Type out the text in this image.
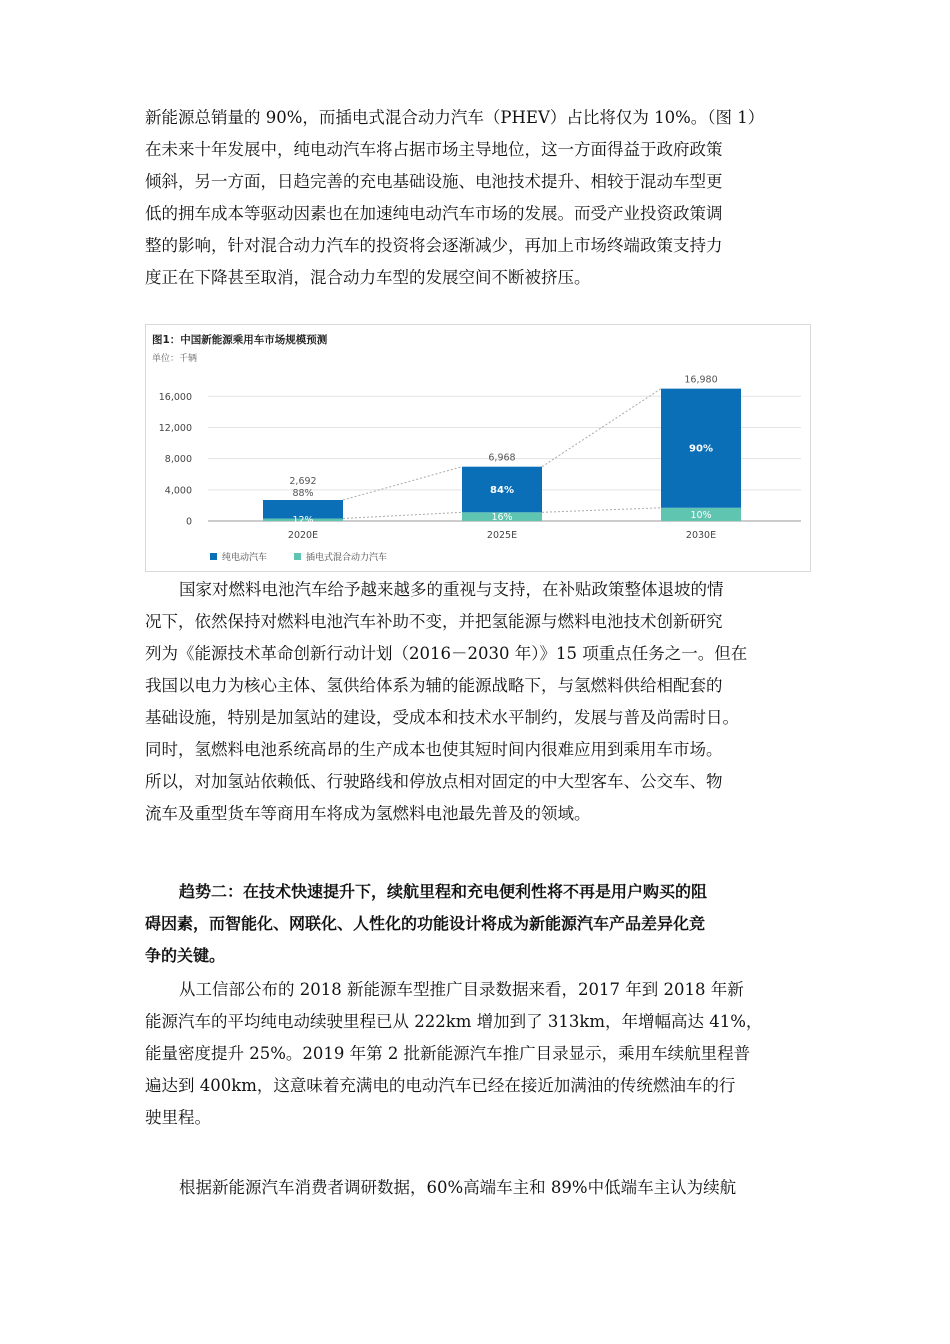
新能源总销量的 90%，而插电式混合动力汽车（PHEV）占比将仅为 10%。（图 1）
在未来十年发展中，纯电动汽车将占据市场主导地位，这一方面得益于政府政策
倾斜，另一方面，日趋完善的充电基础设施、电池技术提升、相较于混动车型更
低的拥车成本等驱动因素也在加速纯电动汽车市场的发展。而受产业投资政策调
整的影响，针对混合动力汽车的投资将会逐渐减少，再加上市场终端政策支持力
度正在下降甚至取消，混合动力车型的发展空间不断被挤压。
图1：中国新能源乘用车市场规模预测
单位：千辆
0
4,000
8,000
12,000
16,000
2020E
2,692
12%
88%
2025E
6,968
16%
84%
2030E
16,980
10%
90%
纯电动汽车	插电式混合动力汽车
国家对燃料电池汽车给予越来越多的重视与支持，在补贴政策整体退坡的情
况下，依然保持对燃料电池汽车补助不变，并把氢能源与燃料电池技术创新研究
列为《能源技术革命创新行动计划（2016－2030 年）》15 项重点任务之一。但在
我国以电力为核心主体、氢供给体系为辅的能源战略下，与氢燃料供给相配套的
基础设施，特别是加氢站的建设，受成本和技术水平制约，发展与普及尚需时日。
同时，氢燃料电池系统高昂的生产成本也使其短时间内很难应用到乘用车市场。
所以，对加氢站依赖低、行驶路线和停放点相对固定的中大型客车、公交车、物
流车及重型货车等商用车将成为氢燃料电池最先普及的领域。
趋势二：在技术快速提升下，续航里程和充电便利性将不再是用户购买的阻
碍因素，而智能化、网联化、人性化的功能设计将成为新能源汽车产品差异化竞
争的关键。
从工信部公布的 2018 新能源车型推广目录数据来看，2017 年到 2018 年新
能源汽车的平均纯电动续驶里程已从 222km 增加到了 313km，年增幅高达 41%，
能量密度提升 25%。2019 年第 2 批新能源汽车推广目录显示，乘用车续航里程普
遍达到 400km，这意味着充满电的电动汽车已经在接近加满油的传统燃油车的行
驶里程。
根据新能源汽车消费者调研数据，60%高端车主和 89%中低端车主认为续航
